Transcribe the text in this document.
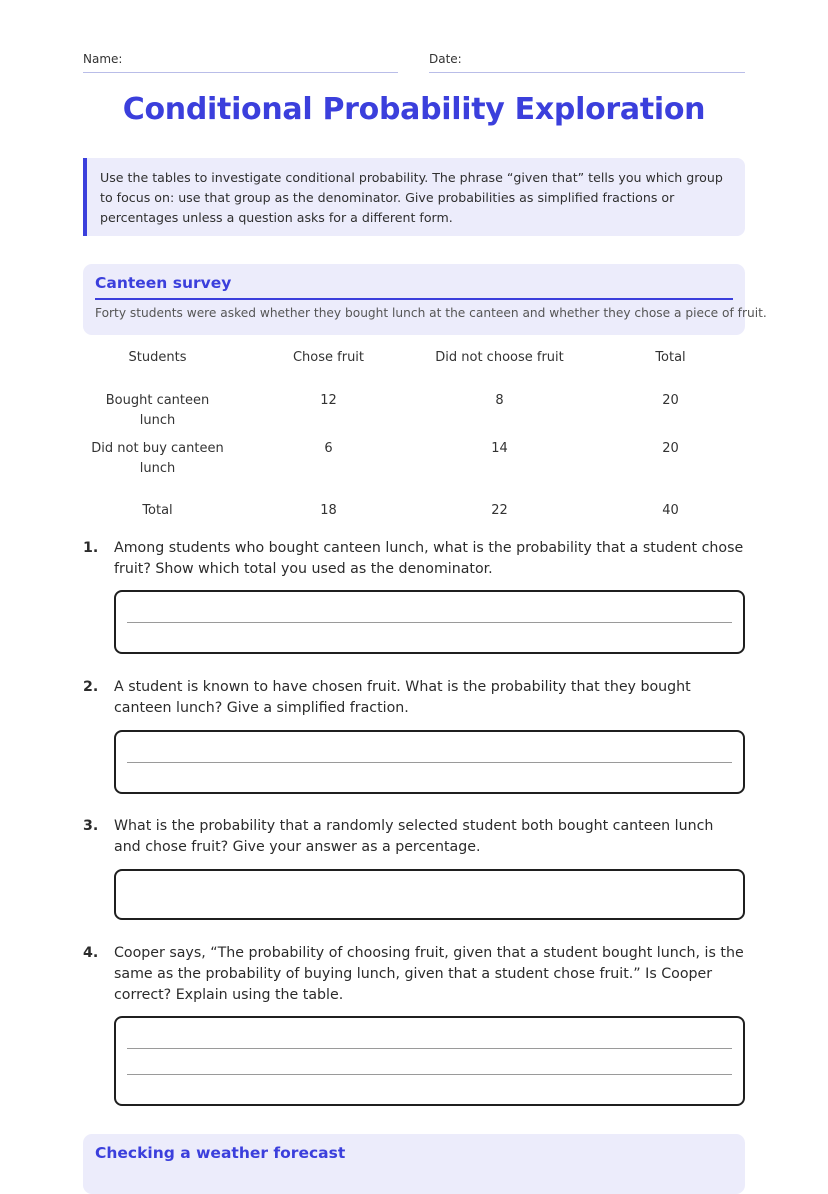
Name:	Date:
Conditional Probability Exploration
Use the tables to investigate conditional probability. The phrase “given that” tells you which group to focus on: use that group as the denominator. Give probabilities as simplified fractions or percentages unless a question asks for a different form.
Canteen survey
Forty students were asked whether they bought lunch at the canteen and whether they chose a piece of fruit.
Students	Chose fruit	Did not choose fruit	Total
Bought canteen lunch	12	8	20
Did not buy canteen lunch	6	14	20
Total	18	22	40
1. Among students who bought canteen lunch, what is the probability that a student chose fruit? Show which total you used as the denominator.
2. A student is known to have chosen fruit. What is the probability that they bought canteen lunch? Give a simplified fraction.
3. What is the probability that a randomly selected student both bought canteen lunch and chose fruit? Give your answer as a percentage.
4. Cooper says, “The probability of choosing fruit, given that a student bought lunch, is the same as the probability of buying lunch, given that a student chose fruit.” Is Cooper correct? Explain using the table.
Checking a weather forecast
